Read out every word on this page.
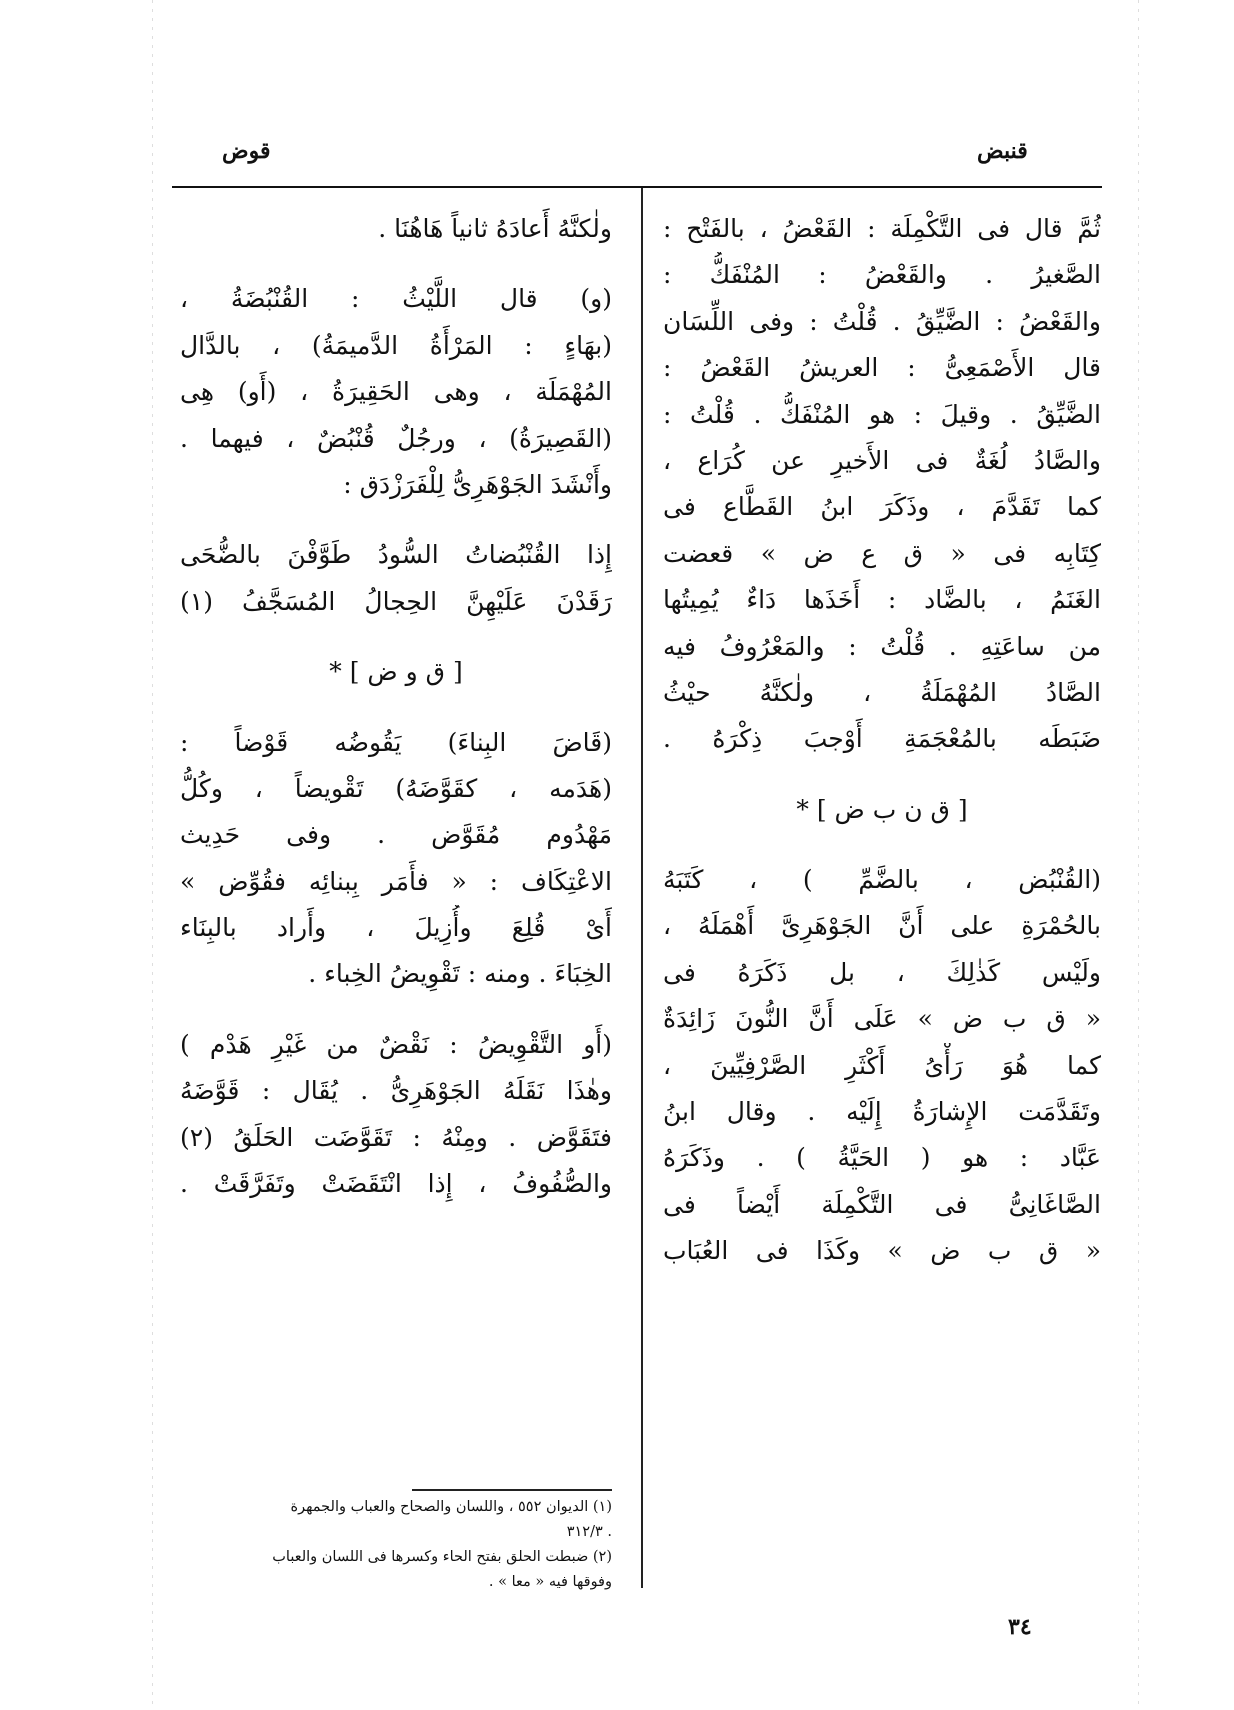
قوض	قنبض
ثُمَّ قال فى التَّكْمِلَة : القَعْضُ ، بالفَتْح :
الصَّغيرُ . والقَعْضُ : المُنْفَكُّ :
والقَعْضُ : الضَّيِّقُ . قُلْتُ : وفى اللِّسَان
قال الأَصْمَعِىُّ : العريشُ القَعْضُ :
الضَّيِّقُ . وقيلَ : هو المُنْفَكُّ . قُلْتُ :
والصَّادُ لُغَةٌ فى الأَخيرِ عن كُرَاع ،
كما تَقَدَّمَ ، وذَكَرَ ابنُ القَطَّاع فى
كِتَابِه فى « ق ع ض » قعضت
الغَنَمُ ، بالضَّاد : أَخَذَها دَاءٌ يُمِيتُها
من ساعَتِهِ . قُلْتُ : والمَعْرُوفُ فيه
الصَّادُ المُهْمَلَةُ ، ولٰكنَّهُ حيْثُ
ضَبَطَه بالمُعْجَمَةِ أَوْجبَ ذِكْرَهُ .
[ ق ن ب ض ] *
(القُنْبُض ، بالضَّمِّ ) ، كَتَبَهُ
بالحُمْرَةِ على أَنَّ الجَوْهَرِىَّ أَهْمَلَهُ ،
ولَيْس كَذٰلِكَ ، بل ذَكَرَهُ فى
« ق ب ض » عَلَى أَنَّ النُّونَ زَائِدَةٌ
كما هُوَ رَأْىُ أَكْثَرِ الصَّرْفِيِّينَ ،
وتَقَدَّمَت الإِشارَةُ إِلَيْه . وقال ابنُ
عَبَّاد : هو ( الحَيَّةُ ) . وذَكَرَهُ
الصَّاغَانِىُّ فى التَّكْمِلَة أَيْضاً فى
« ق ب ض » وكَذَا فى العُبَاب
ولٰكنَّهُ أَعادَهُ ثانياً هَاهُنَا .
(و) قال اللَّيْثُ : القُنْبُضَةُ ،
(بهَاءٍ : المَرْأَةُ الدَّميمَةُ) ، بالدَّال
المُهْمَلَة ، وهى الحَقِيرَةُ ، (أَو) هِى
(القَصِيرَةُ) ، ورجُلٌ قُنْبُضٌ ، فيهما .
وأَنْشَدَ الجَوْهَرِىُّ لِلْفَرَزْدَق :
إِذا القُنْبُضاتُ السُّودُ طَوَّفْنَ بالضُّحَى
رَقَدْنَ عَلَيْهِنَّ الحِجالُ المُسَجَّفُ (١)
[ ق و ض ] *
(قَاضَ البِناءَ) يَقُوضُه قَوْضاً :
(هَدَمه ، كقَوَّضَهُ) تَقْويضاً ، وكُلُّ
مَهْدُوم مُقَوَّض . وفى حَدِيث
الاعْتِكَاف : « فأَمَر بِبنائِه فقُوِّض »
أَىْ قُلِعَ وأُزِيلَ ، وأَراد بالبِنَاء
الخِبَاءَ . ومنه : تَقْوِيضُ الخِباء .
(أَو التَّقْوِيضُ : نَقْضٌ من غَيْرِ هَدْم )
وهٰذَا نَقَلَهُ الجَوْهَرِىُّ . يُقَال : قَوَّضَهُ
فتَقَوَّض . ومِنْهُ : تَقَوَّضَت الحَلَقُ (٢)
والصُّفُوفُ ، إِذا انْتَقَضَتْ وتَفَرَّقَتْ .
(١) الديوان ٥٥٢ ، واللسان والصحاح والعباب والجمهرة
. ٣١٢/٣
(٢) ضبطت الحلق بفتح الحاء وكسرها فى اللسان والعباب
وفوقها فيه « معا » .
٣٤
